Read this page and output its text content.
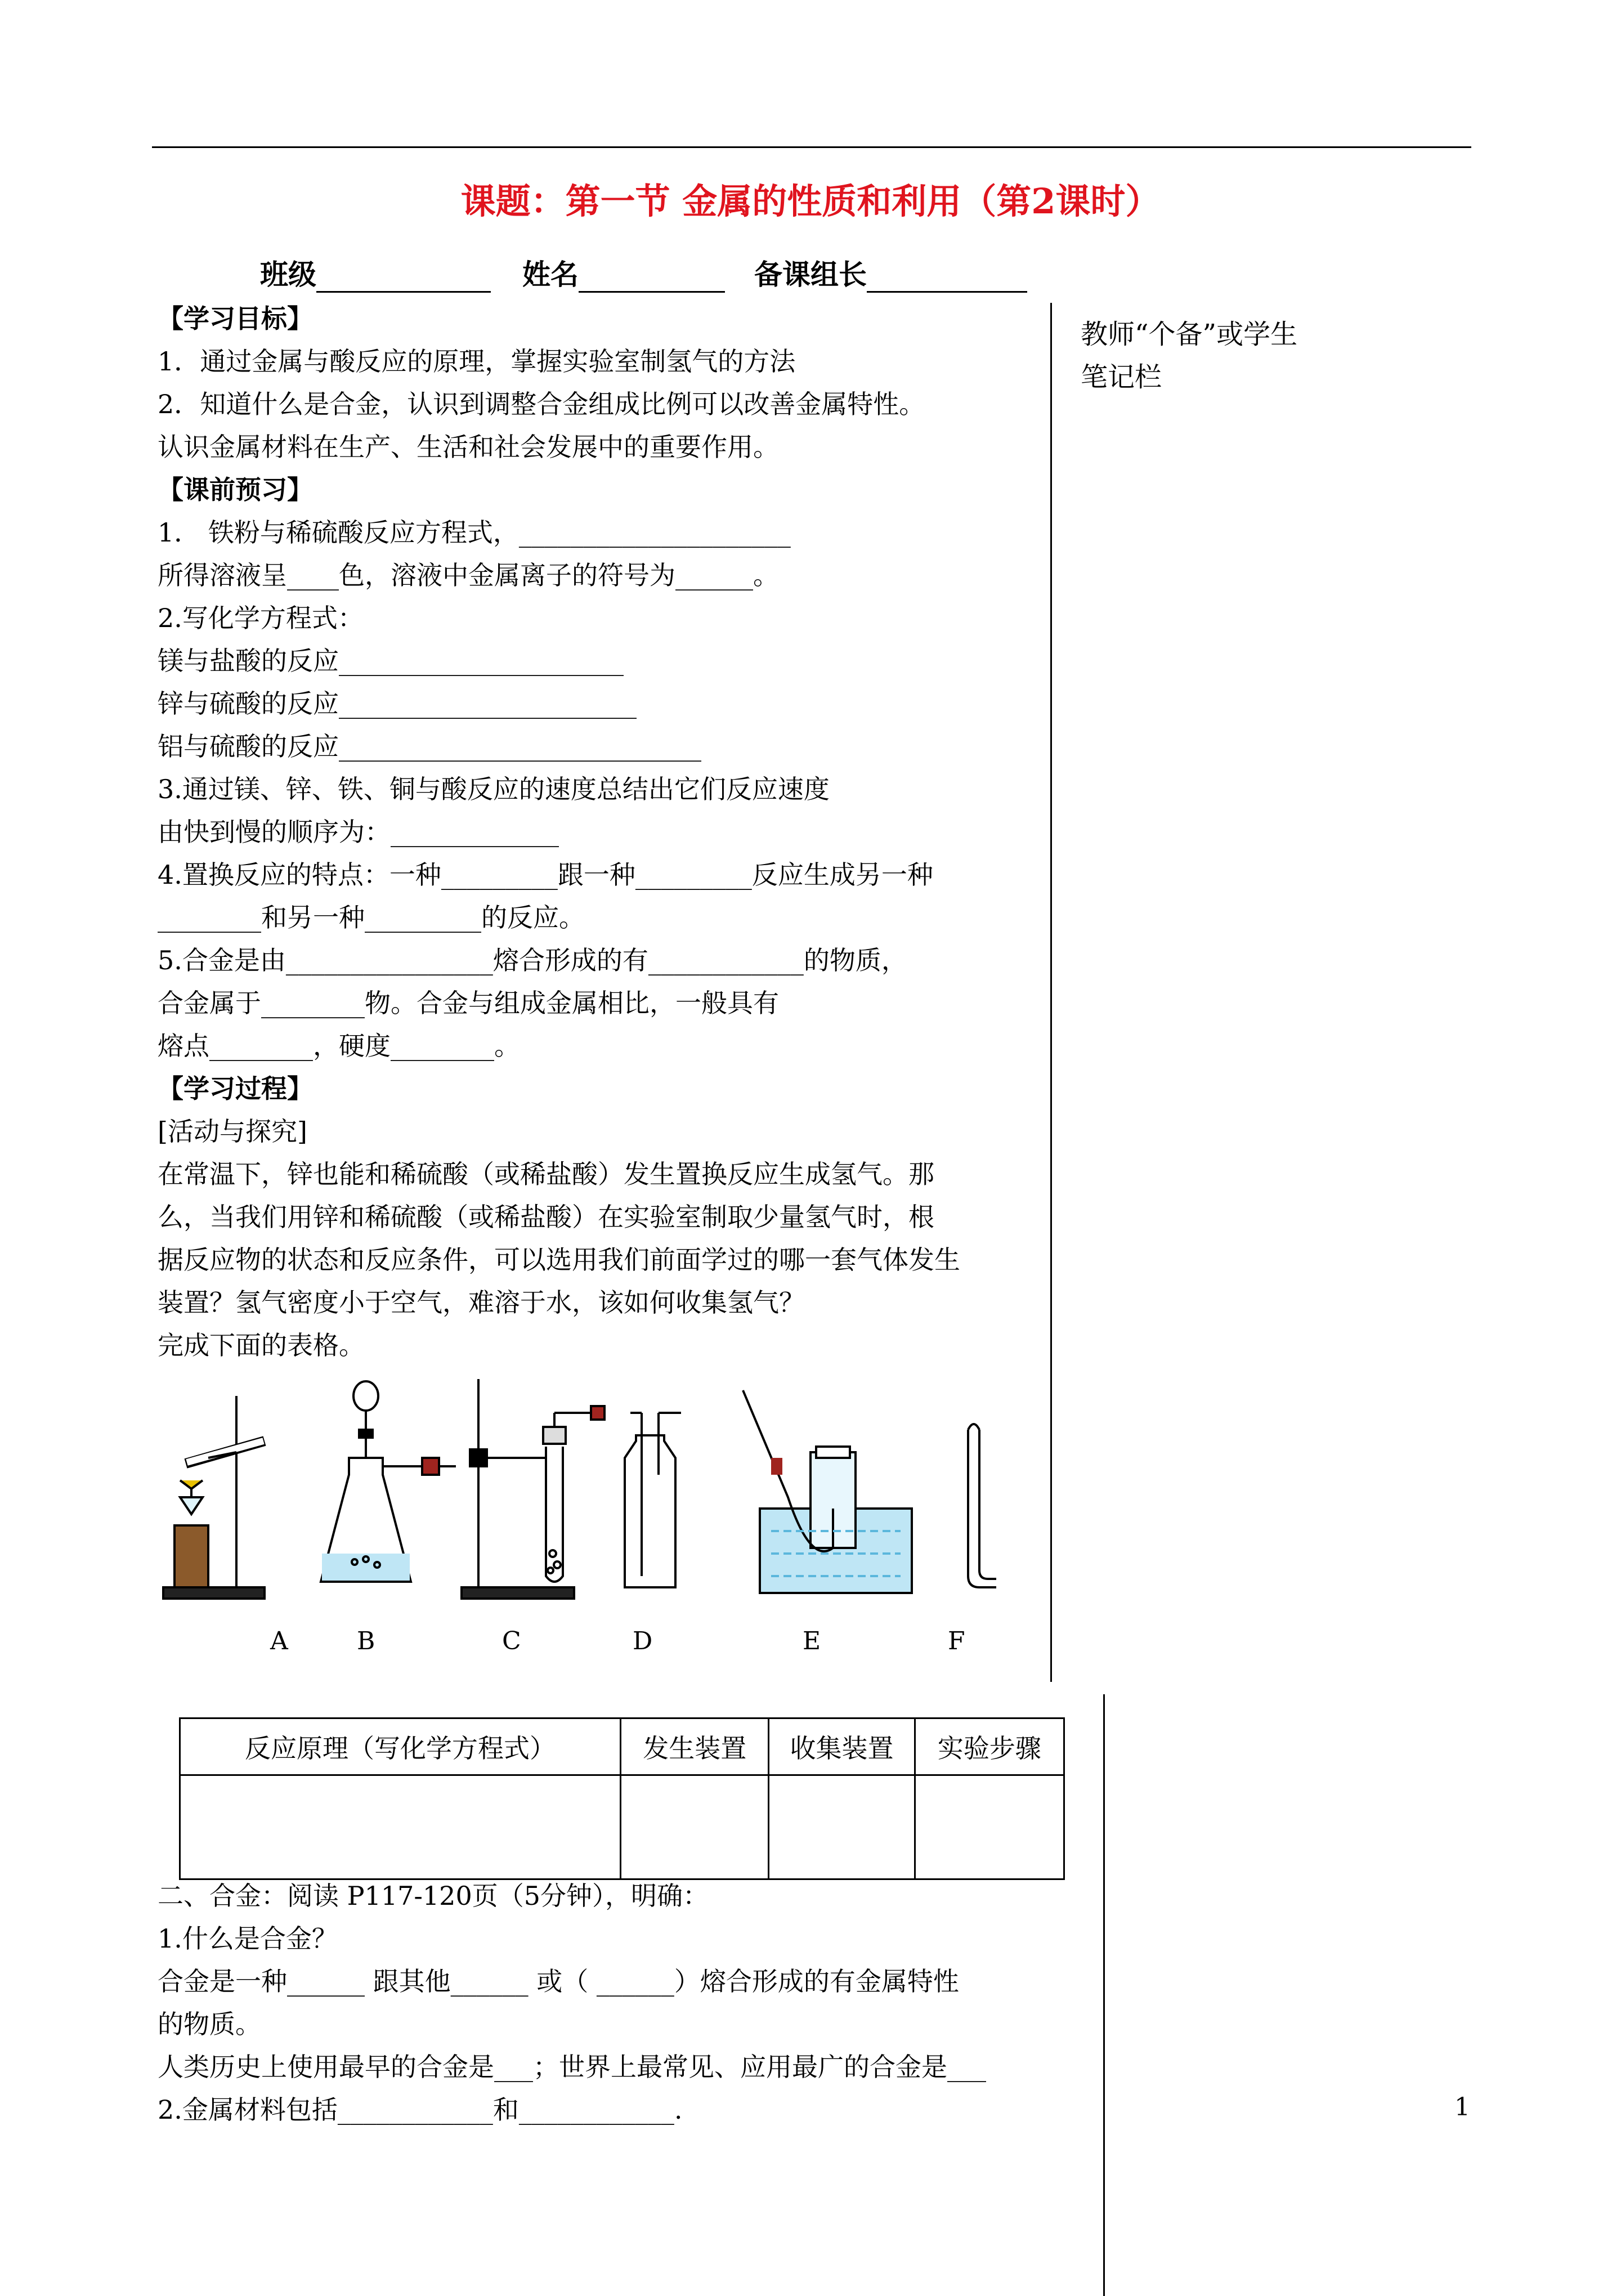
课题：第一节 金属的性质和利用（第2课时）
班级	姓名	备课组长
教师“个备”或学生
笔记栏
【学习目标】
1．通过金属与酸反应的原理，掌握实验室制氢气的方法
2．知道什么是合金，认识到调整合金组成比例可以改善金属特性。
认识金属材料在生产、生活和社会发展中的重要作用。
【课前预习】
1． 铁粉与稀硫酸反应方程式，_____________________
所得溶液呈____色，溶液中金属离子的符号为______。
2.写化学方程式：
镁与盐酸的反应______________________
锌与硫酸的反应_______________________
铝与硫酸的反应____________________________
3.通过镁、锌、铁、铜与酸反应的速度总结出它们反应速度
由快到慢的顺序为：_____________
4.置换反应的特点：一种_________跟一种_________反应生成另一种
________和另一种_________的反应。
5.合金是由________________熔合形成的有____________的物质，
合金属于________物。合金与组成金属相比，一般具有
熔点________，硬度________。
【学习过程】
[活动与探究]
在常温下，锌也能和稀硫酸（或稀盐酸）发生置换反应生成氢气。那
么，当我们用锌和稀硫酸（或稀盐酸）在实验室制取少量氢气时，根
据反应物的状态和反应条件，可以选用我们前面学过的哪一套气体发生
装置？氢气密度小于空气，难溶于水，该如何收集氢气？
完成下面的表格。
A	B	C	D	E	F
反应原理（写化学方程式）	发生装置	收集装置	实验步骤

二、合金：阅读 P117-120页（5分钟），明确：
1.什么是合金？
合金是一种______ 跟其他______ 或（ ______）熔合形成的有金属特性
的物质。
人类历史上使用最早的合金是___；世界上最常见、应用最广的合金是___
2.金属材料包括____________和____________.	1
